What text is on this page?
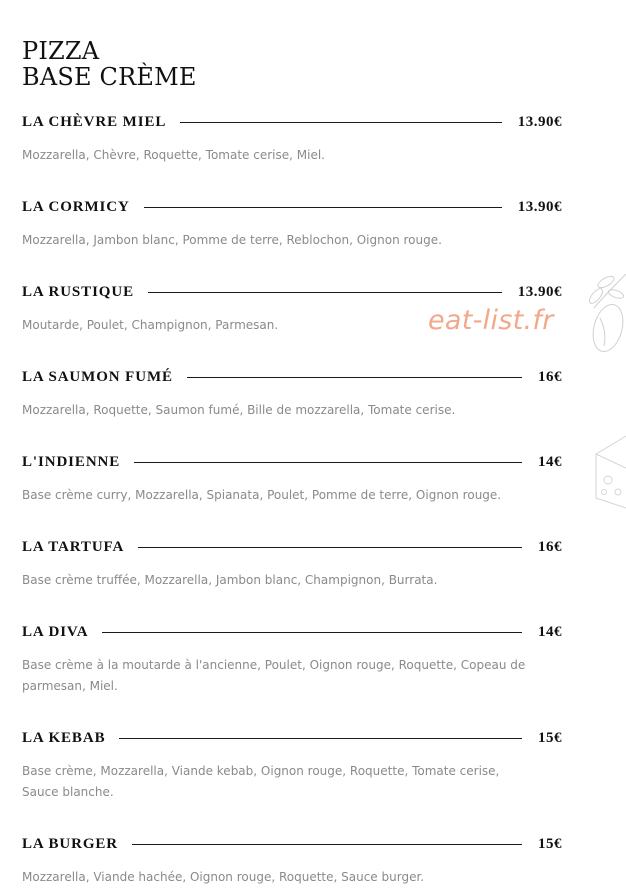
PIZZA
BASE CRÈME
LA CHÈVRE MIEL	13.90€

Mozzarella, Chèvre, Roquette, Tomate cerise, Miel.

LA CORMICY	13.90€

Mozzarella, Jambon blanc, Pomme de terre, Reblochon, Oignon rouge.

LA RUSTIQUE	13.90€

Moutarde, Poulet, Champignon, Parmesan.

LA SAUMON FUMÉ	16€

Mozzarella, Roquette, Saumon fumé, Bille de mozzarella, Tomate cerise.

L'INDIENNE	14€

Base crème curry, Mozzarella, Spianata, Poulet, Pomme de terre, Oignon rouge.

LA TARTUFA	16€

Base crème truffée, Mozzarella, Jambon blanc, Champignon, Burrata.

LA DIVA	14€

Base crème à la moutarde à l'ancienne, Poulet, Oignon rouge, Roquette, Copeau de parmesan, Miel.

LA KEBAB	15€

Base crème, Mozzarella, Viande kebab, Oignon rouge, Roquette, Tomate cerise, Sauce blanche.

LA BURGER	15€

Mozzarella, Viande hachée, Oignon rouge, Roquette, Sauce burger.

eat-list.fr
